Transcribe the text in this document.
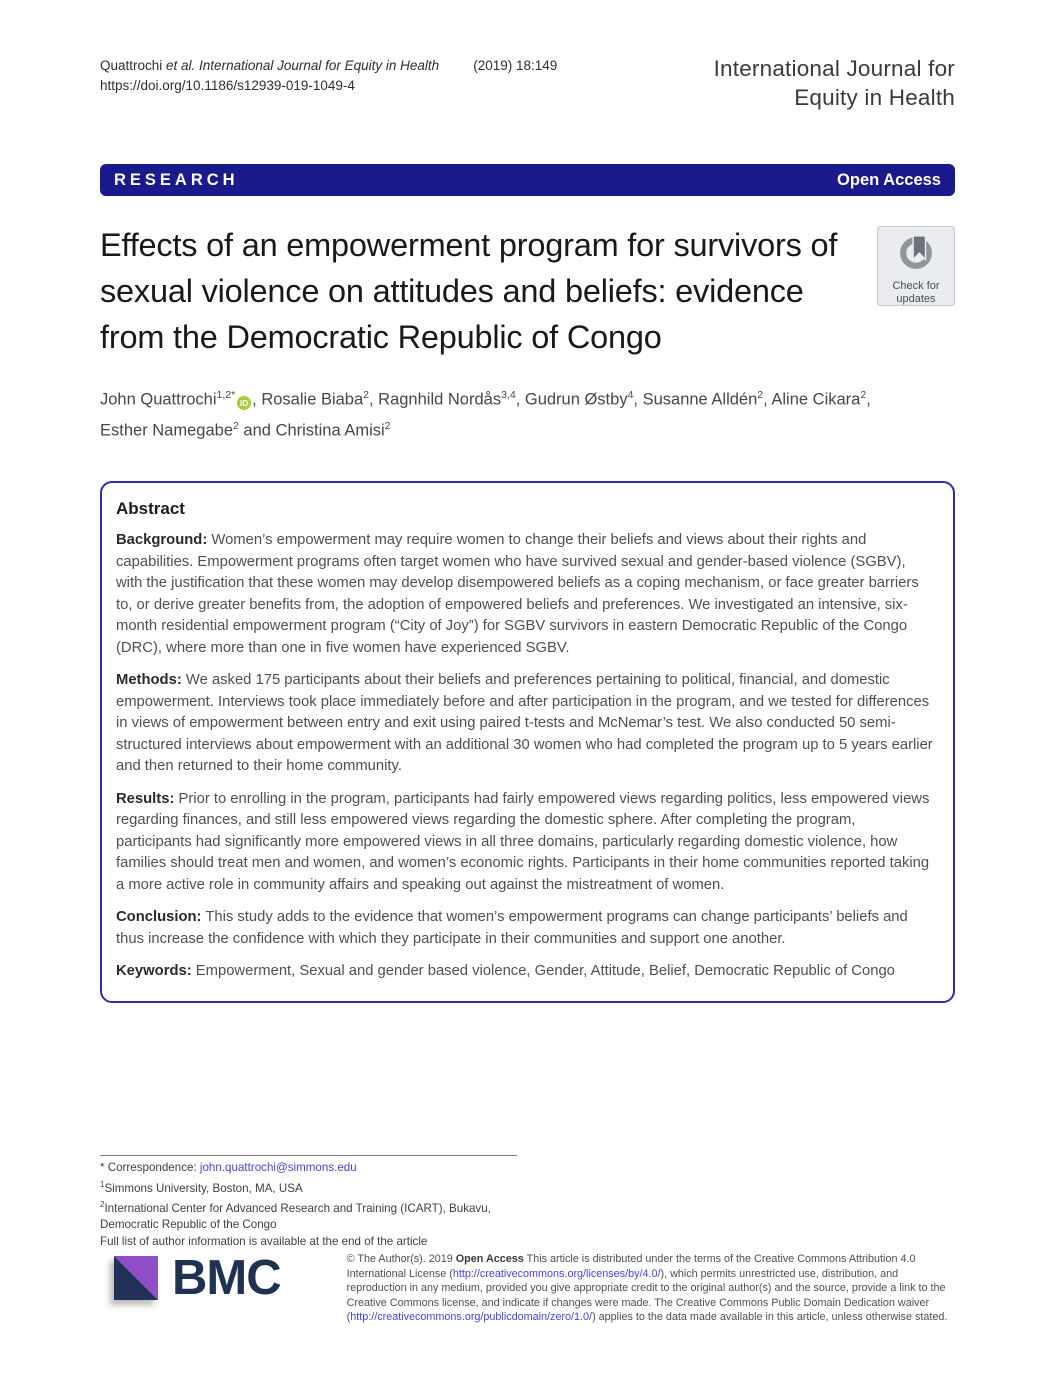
Quattrochi et al. International Journal for Equity in Health	(2019) 18:149
https://doi.org/10.1186/s12939-019-1049-4
International Journal for
Equity in Health
RESEARCH	Open Access
Effects of an empowerment program for survivors of sexual violence on attitudes and beliefs: evidence from the Democratic Republic of Congo
Check for
updates

John Quattrochi$^{1,2*}$iD , Rosalie Biaba$^2$, Ragnhild Nordås$^{3,4}$, Gudrun Østby$^4$, Susanne Alldén$^2$, Aline Cikara$^2$, Esther Namegabe$^2$ and Christina Amisi$^2$

Abstract

Background: Women’s empowerment may require women to change their beliefs and views about their rights and capabilities. Empowerment programs often target women who have survived sexual and gender-based violence (SGBV), with the justification that these women may develop disempowered beliefs as a coping mechanism, or face greater barriers to, or derive greater benefits from, the adoption of empowered beliefs and preferences. We investigated an intensive, six-month residential empowerment program (“City of Joy”) for SGBV survivors in eastern Democratic Republic of the Congo (DRC), where more than one in five women have experienced SGBV.

Methods: We asked 175 participants about their beliefs and preferences pertaining to political, financial, and domestic empowerment. Interviews took place immediately before and after participation in the program, and we tested for differences in views of empowerment between entry and exit using paired t-tests and McNemar’s test. We also conducted 50 semi-structured interviews about empowerment with an additional 30 women who had completed the program up to 5 years earlier and then returned to their home community.

Results: Prior to enrolling in the program, participants had fairly empowered views regarding politics, less empowered views regarding finances, and still less empowered views regarding the domestic sphere. After completing the program, participants had significantly more empowered views in all three domains, particularly regarding domestic violence, how families should treat men and women, and women’s economic rights. Participants in their home communities reported taking a more active role in community affairs and speaking out against the mistreatment of women.

Conclusion: This study adds to the evidence that women’s empowerment programs can change participants’ beliefs and thus increase the confidence with which they participate in their communities and support one another.

Keywords: Empowerment, Sexual and gender based violence, Gender, Attitude, Belief, Democratic Republic of Congo

* Correspondence: john.quattrochi@simmons.edu
$^1$Simmons University, Boston, MA, USA
$^2$International Center for Advanced Research and Training (ICART), Bukavu, Democratic Republic of the Congo
Full list of author information is available at the end of the article
BMC	© The Author(s). 2019 Open Access This article is distributed under the terms of the Creative Commons Attribution 4.0 International License (http://creativecommons.org/licenses/by/4.0/), which permits unrestricted use, distribution, and reproduction in any medium, provided you give appropriate credit to the original author(s) and the source, provide a link to the Creative Commons license, and indicate if changes were made. The Creative Commons Public Domain Dedication waiver (http://creativecommons.org/publicdomain/zero/1.0/) applies to the data made available in this article, unless otherwise stated.
